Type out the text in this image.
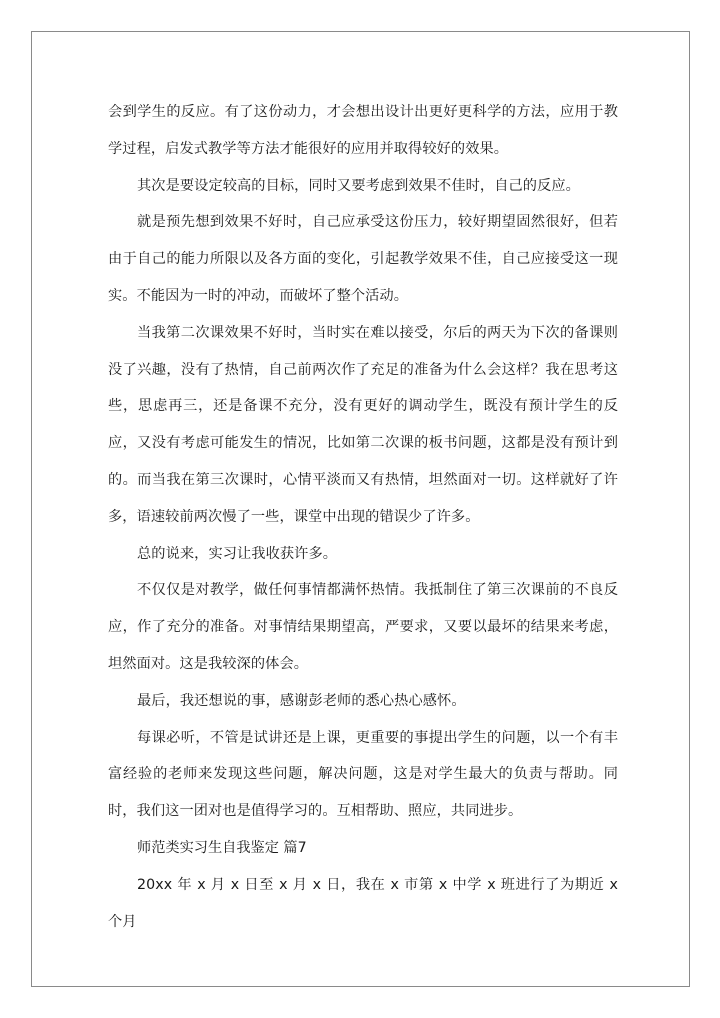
会到学生的反应。有了这份动力，才会想出设计出更好更科学的方法，应用于教学过程，启发式教学等方法才能很好的应用并取得较好的效果。

其次是要设定较高的目标，同时又要考虑到效果不佳时，自己的反应。

就是预先想到效果不好时，自己应承受这份压力，较好期望固然很好，但若由于自己的能力所限以及各方面的变化，引起教学效果不佳，自己应接受这一现实。不能因为一时的冲动，而破坏了整个活动。

当我第二次课效果不好时，当时实在难以接受，尔后的两天为下次的备课则没了兴趣，没有了热情，自己前两次作了充足的准备为什么会这样？我在思考这些，思虑再三，还是备课不充分，没有更好的调动学生，既没有预计学生的反应，又没有考虑可能发生的情况，比如第二次课的板书问题，这都是没有预计到的。而当我在第三次课时，心情平淡而又有热情，坦然面对一切。这样就好了许多，语速较前两次慢了一些，课堂中出现的错误少了许多。

总的说来，实习让我收获许多。

不仅仅是对教学，做任何事情都满怀热情。我抵制住了第三次课前的不良反应，作了充分的准备。对事情结果期望高，严要求，又要以最坏的结果来考虑，坦然面对。这是我较深的体会。

最后，我还想说的事，感谢彭老师的悉心热心感怀。

每课必听，不管是试讲还是上课，更重要的事提出学生的问题，以一个有丰富经验的老师来发现这些问题，解决问题，这是对学生最大的负责与帮助。同时，我们这一团对也是值得学习的。互相帮助、照应，共同进步。

师范类实习生自我鉴定 篇7

20xx 年 x 月 x 日至 x 月 x 日，我在 x 市第 x 中学 x 班进行了为期近 x 个月
